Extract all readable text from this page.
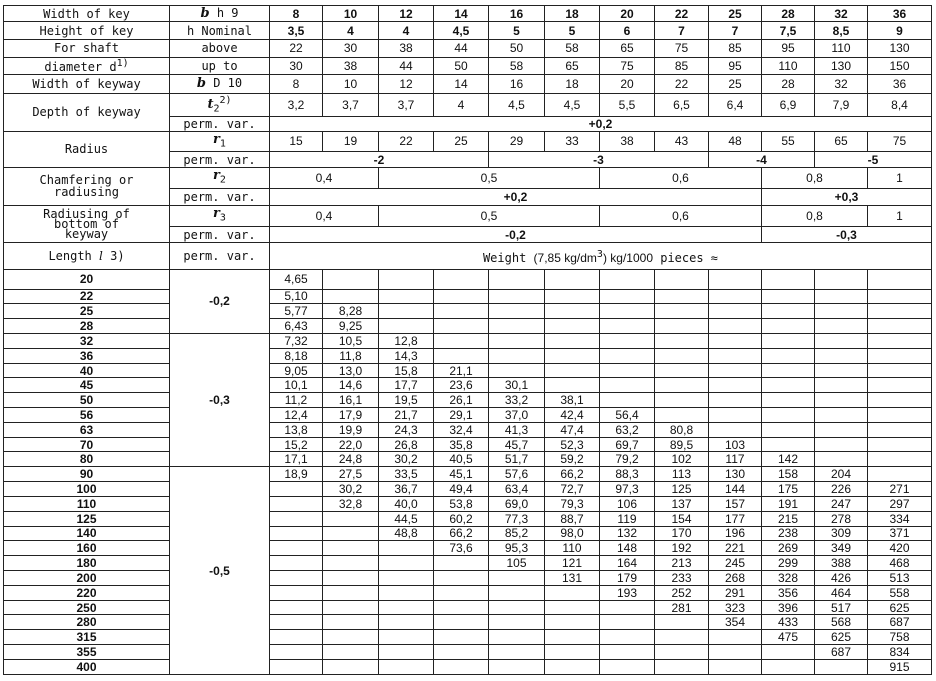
Width of key	b h 9	8	10	12	14	16	18	20	22	25	28	32	36
Height of key	h Nominal	3,5	4	4	4,5	5	5	6	7	7	7,5	8,5	9
For shaft	above	22	30	38	44	50	58	65	75	85	95	110	130
diameter $d^{1)}$	up to	30	38	44	50	58	65	75	85	95	110	130	150
Width of keyway	b D 10	8	10	12	14	16	18	20	22	25	28	32	36
Depth of keyway	$t_2^{2)}$	3,2	3,7	3,7	4	4,5	4,5	5,5	6,5	6,4	6,9	7,9	8,4
	perm. var.	+0,2											
Radius	$r_1$	15	19	22	25	29	33	38	43	48	55	65	75
	perm. var.	-2				-3				-4		-5	
Chamfering or
radiusing	$r_2$	0,4		0,5				0,6			0,8		1
	perm. var.	+0,2									+0,3		
Radiusing of
bottom of
keyway	$r_3$	0,4		0,5				0,6			0,8		1
	perm. var.	-0,2									-0,3		
Length l 3)	perm. var.	Weight (7,85 $kg/dm^3$) kg/1000 pieces ≈											
20	-0,2	4,65											
22		5,10											
25		5,77	8,28										
28		6,43	9,25										
32	-0,3	7,32	10,5	12,8									
36		8,18	11,8	14,3									
40		9,05	13,0	15,8	21,1								
45		10,1	14,6	17,7	23,6	30,1							
50		11,2	16,1	19,5	26,1	33,2	38,1						
56		12,4	17,9	21,7	29,1	37,0	42,4	56,4					
63		13,8	19,9	24,3	32,4	41,3	47,4	63,2	80,8				
70		15,2	22,0	26,8	35,8	45,7	52,3	69,7	89,5	103			
80		17,1	24,8	30,2	40,5	51,7	59,2	79,2	102	117	142		
90	-0,5	18,9	27,5	33,5	45,1	57,6	66,2	88,3	113	130	158	204	
100			30,2	36,7	49,4	63,4	72,7	97,3	125	144	175	226	271
110			32,8	40,0	53,8	69,0	79,3	106	137	157	191	247	297
125				44,5	60,2	77,3	88,7	119	154	177	215	278	334
140				48,8	66,2	85,2	98,0	132	170	196	238	309	371
160					73,6	95,3	110	148	192	221	269	349	420
180						105	121	164	213	245	299	388	468
200							131	179	233	268	328	426	513
220								193	252	291	356	464	558
250									281	323	396	517	625
280										354	433	568	687
315											475	625	758
355												687	834
400													915
